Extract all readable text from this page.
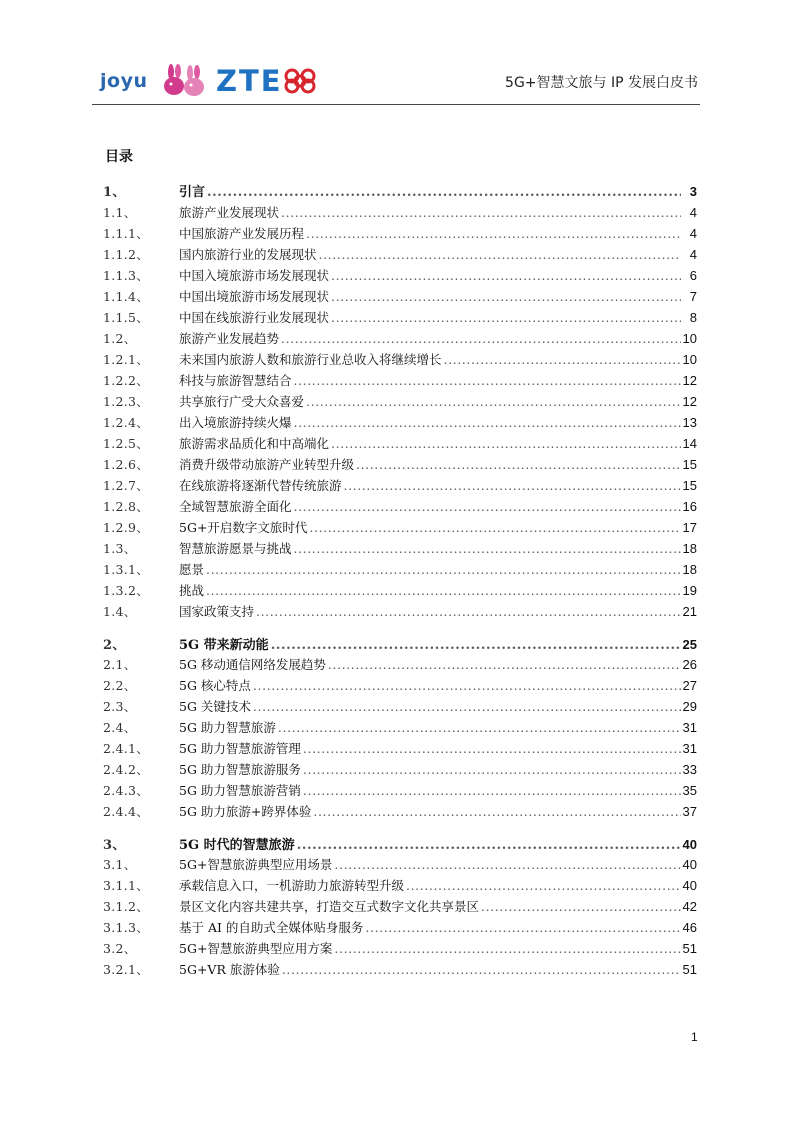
joyu ZTE	5G+智慧文旅与 IP 发展白皮书
目录
1、	引言 .....	3
1.1、	旅游产业发展现状 .....	4
1.1.1、	中国旅游产业发展历程 .....	4
1.1.2、	国内旅游行业的发展现状 .....	4
1.1.3、	中国入境旅游市场发展现状 .....	6
1.1.4、	中国出境旅游市场发展现状 .....	7
1.1.5、	中国在线旅游行业发展现状 .....	8
1.2、	旅游产业发展趋势 .....	10
1.2.1、	未来国内旅游人数和旅游行业总收入将继续增长 .....	10
1.2.2、	科技与旅游智慧结合 .....	12
1.2.3、	共享旅行广受大众喜爱 .....	12
1.2.4、	出入境旅游持续火爆 .....	13
1.2.5、	旅游需求品质化和中高端化 .....	14
1.2.6、	消费升级带动旅游产业转型升级 .....	15
1.2.7、	在线旅游将逐渐代替传统旅游 .....	15
1.2.8、	全域智慧旅游全面化 .....	16
1.2.9、	5G+开启数字文旅时代 .....	17
1.3、	智慧旅游愿景与挑战 .....	18
1.3.1、	愿景 .....	18
1.3.2、	挑战 .....	19
1.4、	国家政策支持 .....	21
2、	5G 带来新动能 .....	25
2.1、	5G 移动通信网络发展趋势 .....	26
2.2、	5G 核心特点 .....	27
2.3、	5G 关键技术 .....	29
2.4、	5G 助力智慧旅游 .....	31
2.4.1、	5G 助力智慧旅游管理 .....	31
2.4.2、	5G 助力智慧旅游服务 .....	33
2.4.3、	5G 助力智慧旅游营销 .....	35
2.4.4、	5G 助力旅游+跨界体验 .....	37
3、	5G 时代的智慧旅游 .....	40
3.1、	5G+智慧旅游典型应用场景 .....	40
3.1.1、	承载信息入口，一机游助力旅游转型升级 .....	40
3.1.2、	景区文化内容共建共享，打造交互式数字文化共享景区 .....	42
3.1.3、	基于 AI 的自助式全媒体贴身服务 .....	46
3.2、	5G+智慧旅游典型应用方案 .....	51
3.2.1、	5G+VR 旅游体验 .....	51
1
